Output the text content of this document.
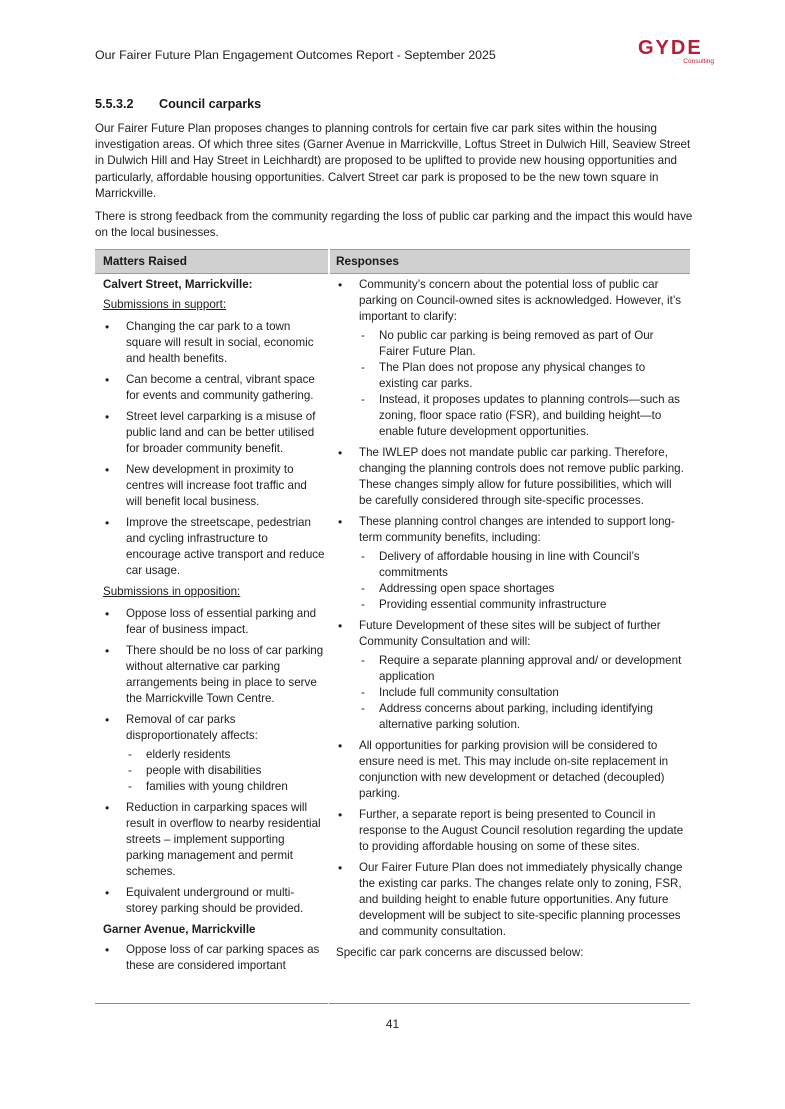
Our Fairer Future Plan Engagement Outcomes Report - September 2025	GYDE
Consulting
5.5.3.2 Council carparks

Our Fairer Future Plan proposes changes to planning controls for certain five car park sites within the housing investigation areas. Of which three sites (Garner Avenue in Marrickville, Loftus Street in Dulwich Hill, Seaview Street in Dulwich Hill and Hay Street in Leichhardt) are proposed to be uplifted to provide new housing opportunities and particularly, affordable housing opportunities. Calvert Street car park is proposed to be the new town square in Marrickville.

There is strong feedback from the community regarding the loss of public car parking and the impact this would have on the local businesses.

Matters Raised	Responses
Calvert Street, Marrickville:
Submissions in support:
• Changing the car park to a town square will result in social, economic and health benefits.
• Can become a central, vibrant space for events and community gathering.
• Street level carparking is a misuse of public land and can be better utilised for broader community benefit.
• New development in proximity to centres will increase foot traffic and will benefit local business.
• Improve the streetscape, pedestrian and cycling infrastructure to encourage active transport and reduce car usage.
Submissions in opposition:
• Oppose loss of essential parking and fear of business impact.
• There should be no loss of car parking without alternative car parking arrangements being in place to serve the Marrickville Town Centre.
• Removal of car parks disproportionately affects:
- elderly residents
- people with disabilities
- families with young children
• Reduction in carparking spaces will result in overflow to nearby residential streets – implement supporting parking management and permit schemes.
• Equivalent underground or multi-storey parking should be provided.
Garner Avenue, Marrickville
• Oppose loss of car parking spaces as these are considered important
• Community’s concern about the potential loss of public car parking on Council-owned sites is acknowledged. However, it’s important to clarify:
- No public car parking is being removed as part of Our Fairer Future Plan.
- The Plan does not propose any physical changes to existing car parks.
- Instead, it proposes updates to planning controls—such as zoning, floor space ratio (FSR), and building height—to enable future development opportunities.
• The IWLEP does not mandate public car parking. Therefore, changing the planning controls does not remove public parking. These changes simply allow for future possibilities, which will be carefully considered through site-specific processes.
• These planning control changes are intended to support long-term community benefits, including:
- Delivery of affordable housing in line with Council’s commitments
- Addressing open space shortages
- Providing essential community infrastructure
• Future Development of these sites will be subject of further Community Consultation and will:
- Require a separate planning approval and/ or development application
- Include full community consultation
- Address concerns about parking, including identifying alternative parking solution.
• All opportunities for parking provision will be considered to ensure need is met. This may include on-site replacement in conjunction with new development or detached (decoupled) parking.
• Further, a separate report is being presented to Council in response to the August Council resolution regarding the update to providing affordable housing on some of these sites.
• Our Fairer Future Plan does not immediately physically change the existing car parks. The changes relate only to zoning, FSR, and building height to enable future opportunities. Any future development will be subject to site-specific planning processes and community consultation.
Specific car park concerns are discussed below:
41
